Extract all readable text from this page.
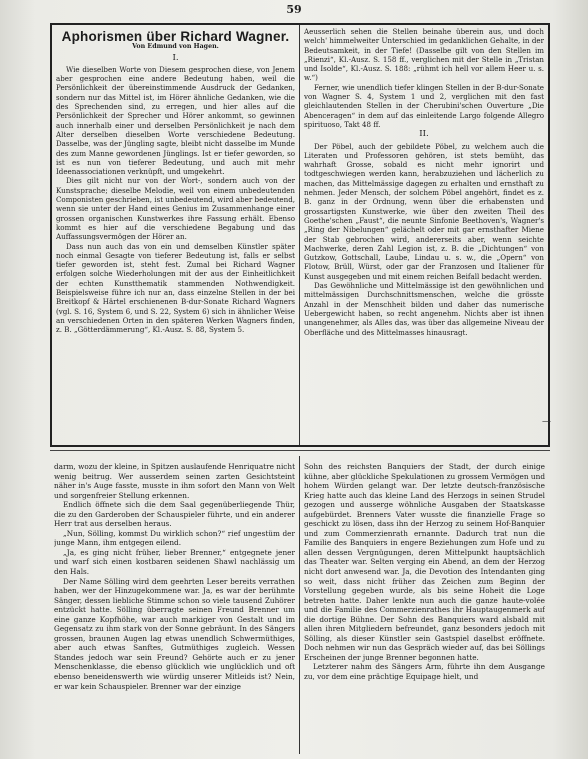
59
Aphorismen über Richard Wagner.
Von Edmund von Hagen.
I.

Wie dieselben Worte von Diesem gesprochen diese, von Jenem aber gesprochen eine andere Bedeutung haben, weil die Persönlichkeit der übereinstimmende Ausdruck der Gedanken, sondern nur das Mittel ist, im Hörer ähnliche Gedanken, wie die des Sprechenden sind, zu erregen, und hier alles auf die Persönlichkeit der Sprecher und Hörer ankommt, so gewinnen auch innerhalb einer und derselben Persönlichkeit je nach dem Alter derselben dieselben Worte verschiedene Bedeutung. Dasselbe, was der Jüngling sagte, bleibt nicht dasselbe im Munde des zum Manne gewordenen Jünglings. Ist er tiefer geworden, so ist es nun von tieferer Bedeutung, und auch mit mehr Ideenassociationen verknüpft, und umgekehrt.

Dies gilt nicht nur von der Wort-, sondern auch von der Kunstsprache; dieselbe Melodie, weil von einem unbedeutenden Componisten geschrieben, ist unbedeutend, wird aber bedeutend, wenn sie unter der Hand eines Genius im Zusammenhange einer grossen organischen Kunstwerkes ihre Fassung erhält. Ebenso kommt es hier auf die verschiedene Begabung und das Auffassungsvermögen der Hörer an.

Dass nun auch das von ein und demselben Künstler später noch einmal Gesagte von tieferer Bedeutung ist, falls er selbst tiefer geworden ist, steht fest. Zumal bei Richard Wagner erfolgen solche Wiederholungen mit der aus der Einheitlichkeit der echten Kunstthematik stammenden Nothwendigkeit. Beispielsweise führe ich nur an, dass einzelne Stellen in der bei Breitkopf & Härtel erschienenen B-dur-Sonate Richard Wagners (vgl. S. 16, System 6, und S. 22, System 6) sich in ähnlicher Weise an verschiedenen Orten in den späteren Werken Wagners finden, z. B. „Götterdämmerung“, Kl.-Ausz. S. 88, System 5.

Aeusserlich sehen die Stellen beinahe überein aus, und doch welch' himmelweiter Unterschied im gedanklichen Gehalte, in der Bedeutsamkeit, in der Tiefe! (Dasselbe gilt von den Stellen im „Rienzi“, Kl.-Ausz. S. 158 ff., verglichen mit der Stelle in „Tristan und Isolde“, Kl.-Ausz. S. 188: „rühmt ich hell vor allem Heer u. s. w.“)

Ferner, wie unendlich tiefer klingen Stellen in der B-dur-Sonate von Wagner S. 4, System 1 und 2, verglichen mit den fast gleichlautenden Stellen in der Cherubini'schen Ouverture „Die Abenceragen“ in dem auf das einleitende Largo folgende Allegro spirituoso, Takt 48 ff.

II.

Der Pöbel, auch der gebildete Pöbel, zu welchem auch die Literaten und Professoren gehören, ist stets bemüht, das wahrhaft Grosse, sobald es nicht mehr ignorirt und todtgeschwiegen werden kann, herabzuziehen und lächerlich zu machen, das Mittelmässige dagegen zu erhalten und ernsthaft zu nehmen. Jeder Mensch, der solchem Pöbel angehört, findet es z. B. ganz in der Ordnung, wenn über die erhabensten und grossartigsten Kunstwerke, wie über den zweiten Theil des Goethe'schen „Faust“, die neunte Sinfonie Beethoven's, Wagner's „Ring der Nibelungen“ gelächelt oder mit gar ernsthafter Miene der Stab gebrochen wird, andererseits aber, wenn seichte Machwerke, deren Zahl Legion ist, z. B. die „Dichtungen“ von Gutzkow, Gottschall, Laube, Lindau u. s. w., die „Opern“ von Flotow, Brüll, Würst, oder gar der Franzosen und Italiener für Kunst ausgegeben und mit einem reichen Beifall bedacht werden.

Das Gewöhnliche und Mittelmässige ist den gewöhnlichen und mittelmässigen Durchschnittsmenschen, welche die grösste Anzahl in der Menschheit bilden und daher das numerische Uebergewicht haben, so recht angenehm. Nichts aber ist ihnen unangenehmer, als Alles das, was über das allgemeine Niveau der Oberfläche und des Mittelmasses hinausragt.

—

darm, wozu der kleine, in Spitzen auslaufende Henriquatre nicht wenig beitrug. Wer ausserdem seinen zarten Gesichtsteint näher in's Auge fasste, musste in ihm sofort den Mann von Welt und sorgenfreier Stellung erkennen.

Endlich öffnete sich die dem Saal gegenüberliegende Thür, die zu den Garderoben der Schauspieler führte, und ein anderer Herr trat aus derselben heraus.

„Nun, Sölling, kommst Du wirklich schon?“ rief ungestüm der junge Mann, ihm entgegen eilend.

„Ja, es ging nicht früher, lieber Brenner,“ entgegnete jener und warf sich einen kostbaren seidenen Shawl nachlässig um den Hals.

Der Name Sölling wird dem geehrten Leser bereits verrathen haben, wer der Hinzugekommene war. Ja, es war der berühmte Sänger, dessen liebliche Stimme schon so viele tausend Zuhörer entzückt hatte. Sölling überragte seinen Freund Brenner um eine ganze Kopfhöhe, war auch markiger von Gestalt und im Gegensatz zu ihm stark von der Sonne gebräunt. In des Sängers grossen, braunen Augen lag etwas unendlich Schwermüthiges, aber auch etwas Sanftes, Gutmüthiges zugleich. Wessen Standes jedoch war sein Freund? Gehörte auch er zu jener Menschenklasse, die ebenso glücklich wie unglücklich und oft ebenso beneidenswerth wie würdig unserer Mitleids ist? Nein, er war kein Schauspieler. Brenner war der einzige

Sohn des reichsten Banquiers der Stadt, der durch einige kühne, aber glückliche Spekulationen zu grossem Vermögen und hohem Würden gelangt war. Der letzte deutsch-französische Krieg hatte auch das kleine Land des Herzogs in seinen Strudel gezogen und ausserge wöhnliche Ausgaben der Staatskasse aufgebürdet. Brenners Vater wusste die finanzielle Frage so geschickt zu lösen, dass ihn der Herzog zu seinem Hof-Banquier und zum Commerzienrath ernannte. Dadurch trat nun die Familie des Banquiers in engere Beziehungen zum Hofe und zu allen dessen Vergnügungen, deren Mittelpunkt hauptsächlich das Theater war. Selten verging ein Abend, an dem der Herzog nicht dort anwesend war. Ja, die Devotion des Intendanten ging so weit, dass nicht früher das Zeichen zum Beginn der Vorstellung gegeben wurde, als bis seine Hoheit die Loge betreten hatte. Daher lenkte nun auch die ganze haute-volée und die Familie des Commerzienrathes ihr Hauptaugenmerk auf die dortige Bühne. Der Sohn des Banquiers ward alsbald mit allen ihren Mitgliedern befreundet, ganz besonders jedoch mit Sölling, als dieser Künstler sein Gastspiel daselbst eröffnete. Doch nehmen wir nun das Gespräch wieder auf, das bei Söllings Erscheinen der junge Brenner begonnen hatte.

Letzterer nahm des Sängers Arm, führte ihn dem Ausgange zu, vor dem eine prächtige Equipage hielt, und
